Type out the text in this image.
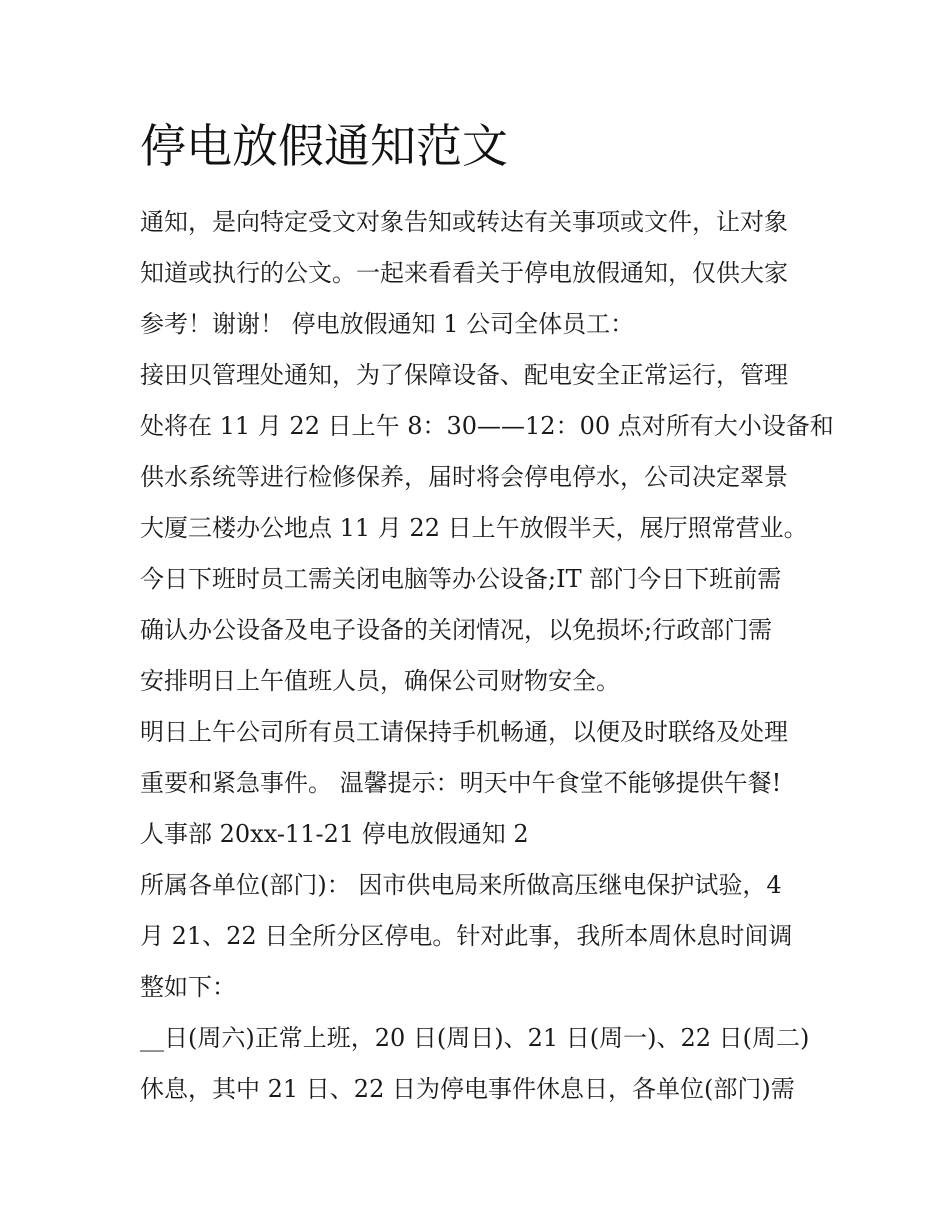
停电放假通知范文

通知，是向特定受文对象告知或转达有关事项或文件，让对象

知道或执行的公文。一起来看看关于停电放假通知，仅供大家

参考！谢谢！ 停电放假通知 1 公司全体员工：

接田贝管理处通知，为了保障设备、配电安全正常运行，管理

处将在 11 月 22 日上午 8：30——12：00 点对所有大小设备和

供水系统等进行检修保养，届时将会停电停水，公司决定翠景

大厦三楼办公地点 11 月 22 日上午放假半天，展厅照常营业。

今日下班时员工需关闭电脑等办公设备;IT 部门今日下班前需

确认办公设备及电子设备的关闭情况，以免损坏;行政部门需

安排明日上午值班人员，确保公司财物安全。

明日上午公司所有员工请保持手机畅通，以便及时联络及处理

重要和紧急事件。 温馨提示：明天中午食堂不能够提供午餐!

人事部 20xx-11-21 停电放假通知 2

所属各单位(部门)： 因市供电局来所做高压继电保护试验，4

月 21、22 日全所分区停电。针对此事，我所本周休息时间调

整如下：

__日(周六)正常上班，20 日(周日)、21 日(周一)、22 日(周二)

休息，其中 21 日、22 日为停电事件休息日，各单位(部门)需
